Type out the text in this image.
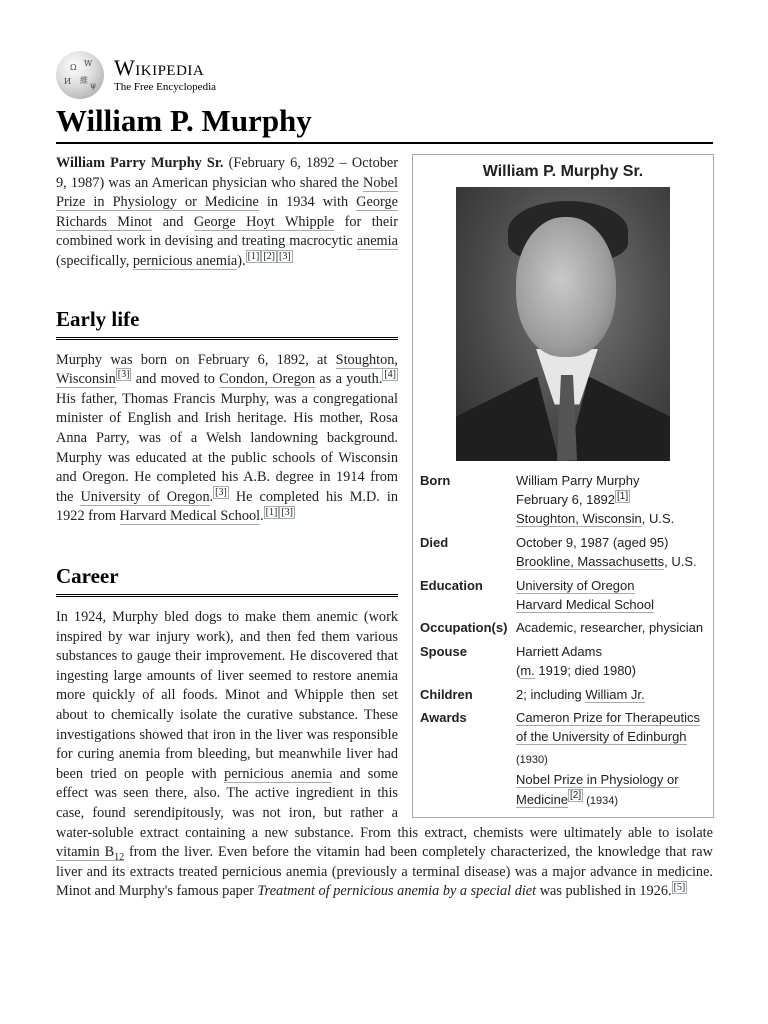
Ω W
И 維
ψ
Wikipedia
The Free Encyclopedia
William P. Murphy
William P. Murphy Sr.
Born	William Parry Murphy
February 6, 1892 [1]
Stoughton, Wisconsin, U.S.
Died	October 9, 1987 (aged 95)
Brookline, Massachusetts, U.S.
Education	University of Oregon
Harvard Medical School
Occupation(s) Academic, researcher, physician
Spouse	Harriett Adams
(m. 1919; died 1980)
Children	2; including William Jr.
Awards	Cameron Prize for Therapeutics of the University of Edinburgh (1930)
Nobel Prize in Physiology or Medicine [2] (1934)

William Parry Murphy Sr. (February 6, 1892 – October 9, 1987) was an American physician who shared the Nobel Prize in Physiology or Medicine in 1934 with George Richards Minot and George Hoyt Whipple for their combined work in devising and treating macrocytic anemia (specifically, pernicious anemia). [1] [2] [3]

Early life

Murphy was born on February 6, 1892, at Stoughton, Wisconsin [3] and moved to Condon, Oregon as a youth. [4] His father, Thomas Francis Murphy, was a congregational minister of English and Irish heritage. His mother, Rosa Anna Parry, was of a Welsh landowning background. Murphy was educated at the public schools of Wisconsin and Oregon. He completed his A.B. degree in 1914 from the University of Oregon. [3] He completed his M.D. in 1922 from Harvard Medical School. [1] [3]

Career

In 1924, Murphy bled dogs to make them anemic (work inspired by war injury work), and then fed them various substances to gauge their improvement. He discovered that ingesting large amounts of liver seemed to restore anemia more quickly of all foods. Minot and Whipple then set about to chemically isolate the curative substance. These investigations showed that iron in the liver was responsible for curing anemia from bleeding, but meanwhile liver had been tried on people with pernicious anemia and some effect was seen there, also. The active ingredient in this case, found serendipitously, was not iron, but rather a water-soluble extract containing a new substance. From this extract, chemists were ultimately able to isolate vitamin $B_{12}$ from the liver. Even before the vitamin had been completely characterized, the knowledge that raw liver and its extracts treated pernicious anemia (previously a terminal disease) was a major advance in medicine. Minot and Murphy's famous paper Treatment of pernicious anemia by a special diet was published in 1926. [5]
